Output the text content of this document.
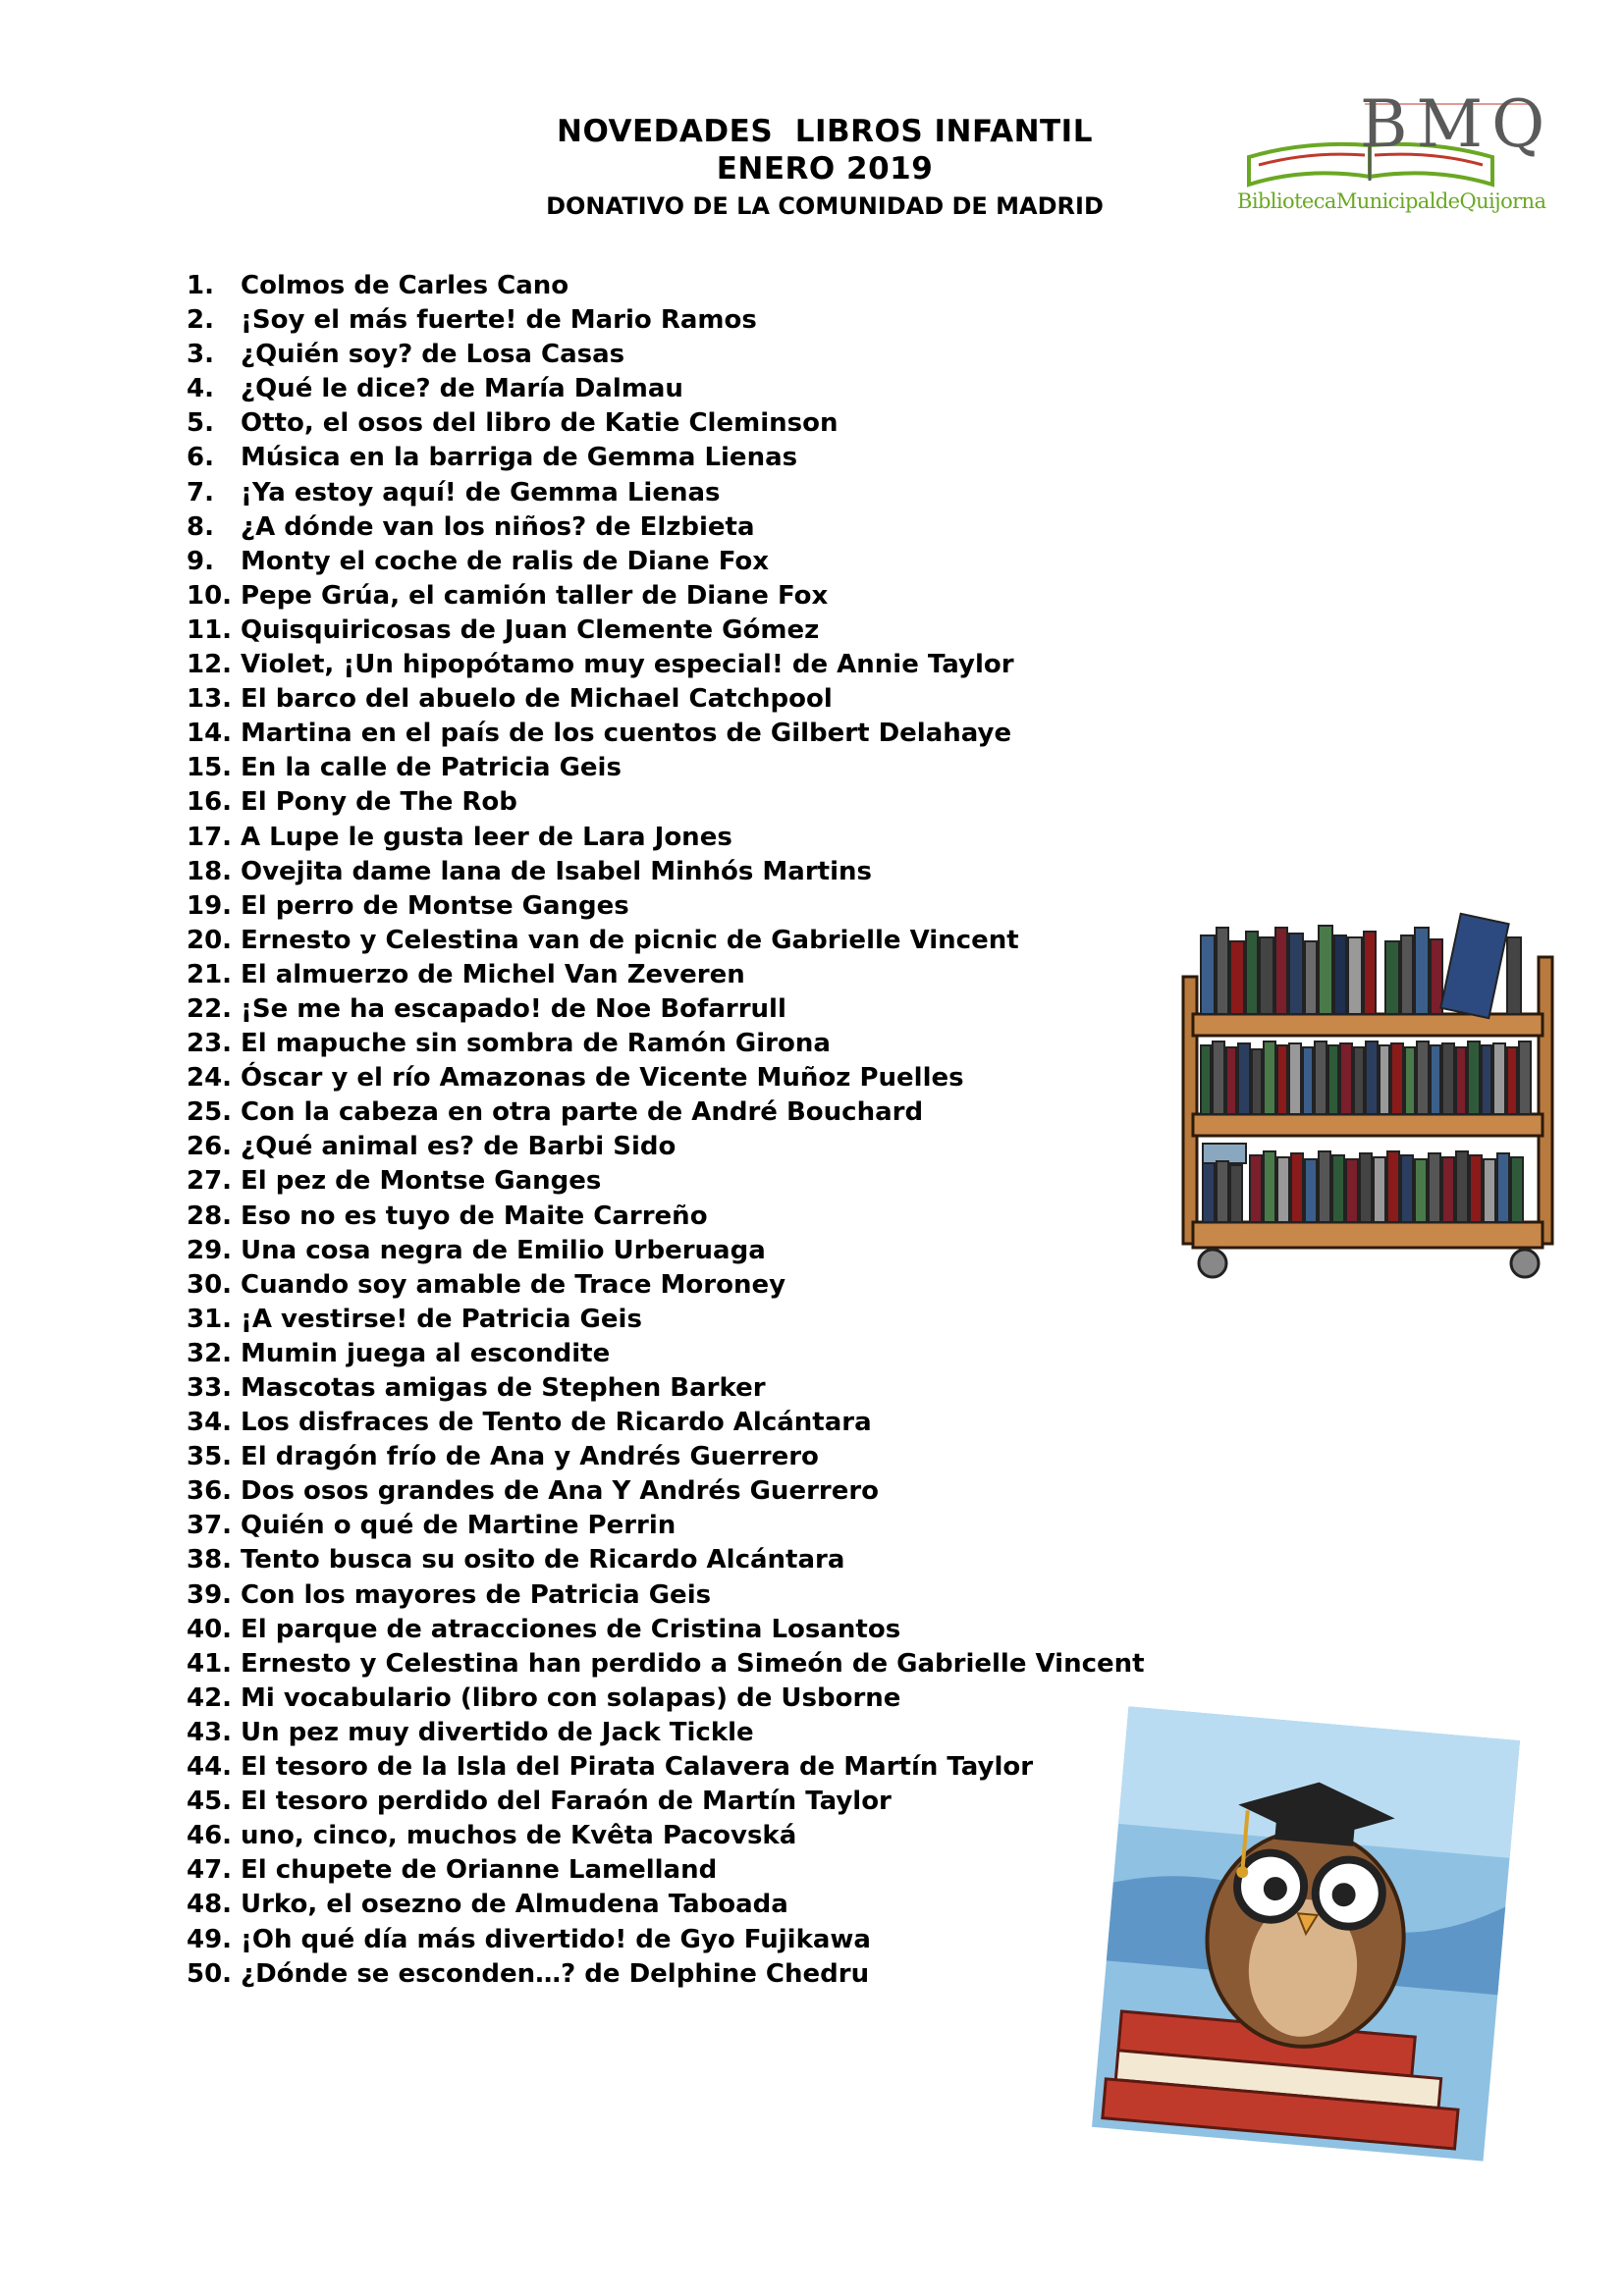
NOVEDADES  LIBROS INFANTIL
ENERO 2019
DONATIVO DE LA COMUNIDAD DE MADRID
BMQ
BibliotecaMunicipaldeQuijorna
1.	Colmos de Carles Cano
2.	¡Soy el más fuerte! de Mario Ramos
3.	¿Quién soy? de Losa Casas
4.	¿Qué le dice? de María Dalmau
5.	Otto, el osos del libro de Katie Cleminson
6.	Música en la barriga de Gemma Lienas
7.	¡Ya estoy aquí! de Gemma Lienas
8.	¿A dónde van los niños? de Elzbieta
9.	Monty el coche de ralis de Diane Fox
10. Pepe Grúa, el camión taller de Diane Fox
11. Quisquiricosas de Juan Clemente Gómez
12. Violet, ¡Un hipopótamo muy especial! de Annie Taylor
13. El barco del abuelo de Michael Catchpool
14. Martina en el país de los cuentos de Gilbert Delahaye
15. En la calle de Patricia Geis
16. El Pony de The Rob
17. A Lupe le gusta leer de Lara Jones
18. Ovejita dame lana de Isabel Minhós Martins
19. El perro de Montse Ganges
20. Ernesto y Celestina van de picnic de Gabrielle Vincent
21. El almuerzo de Michel Van Zeveren
22. ¡Se me ha escapado! de Noe Bofarrull
23. El mapuche sin sombra de Ramón Girona
24. Óscar y el río Amazonas de Vicente Muñoz Puelles
25. Con la cabeza en otra parte de André Bouchard
26. ¿Qué animal es? de Barbi Sido
27. El pez de Montse Ganges
28. Eso no es tuyo de Maite Carreño
29. Una cosa negra de Emilio Urberuaga
30. Cuando soy amable de Trace Moroney
31. ¡A vestirse! de Patricia Geis
32. Mumin juega al escondite
33. Mascotas amigas de Stephen Barker
34. Los disfraces de Tento de Ricardo Alcántara
35. El dragón frío de Ana y Andrés Guerrero
36. Dos osos grandes de Ana Y Andrés Guerrero
37. Quién o qué de Martine Perrin
38. Tento busca su osito de Ricardo Alcántara
39. Con los mayores de Patricia Geis
40. El parque de atracciones de Cristina Losantos
41. Ernesto y Celestina han perdido a Simeón de Gabrielle Vincent
42. Mi vocabulario (libro con solapas) de Usborne
43. Un pez muy divertido de Jack Tickle
44. El tesoro de la Isla del Pirata Calavera de Martín Taylor
45. El tesoro perdido del Faraón de Martín Taylor
46. uno, cinco, muchos de Kvêta Pacovská
47. El chupete de Orianne Lamelland
48. Urko, el osezno de Almudena Taboada
49. ¡Oh qué día más divertido! de Gyo Fujikawa
50. ¿Dónde se esconden…? de Delphine Chedru
